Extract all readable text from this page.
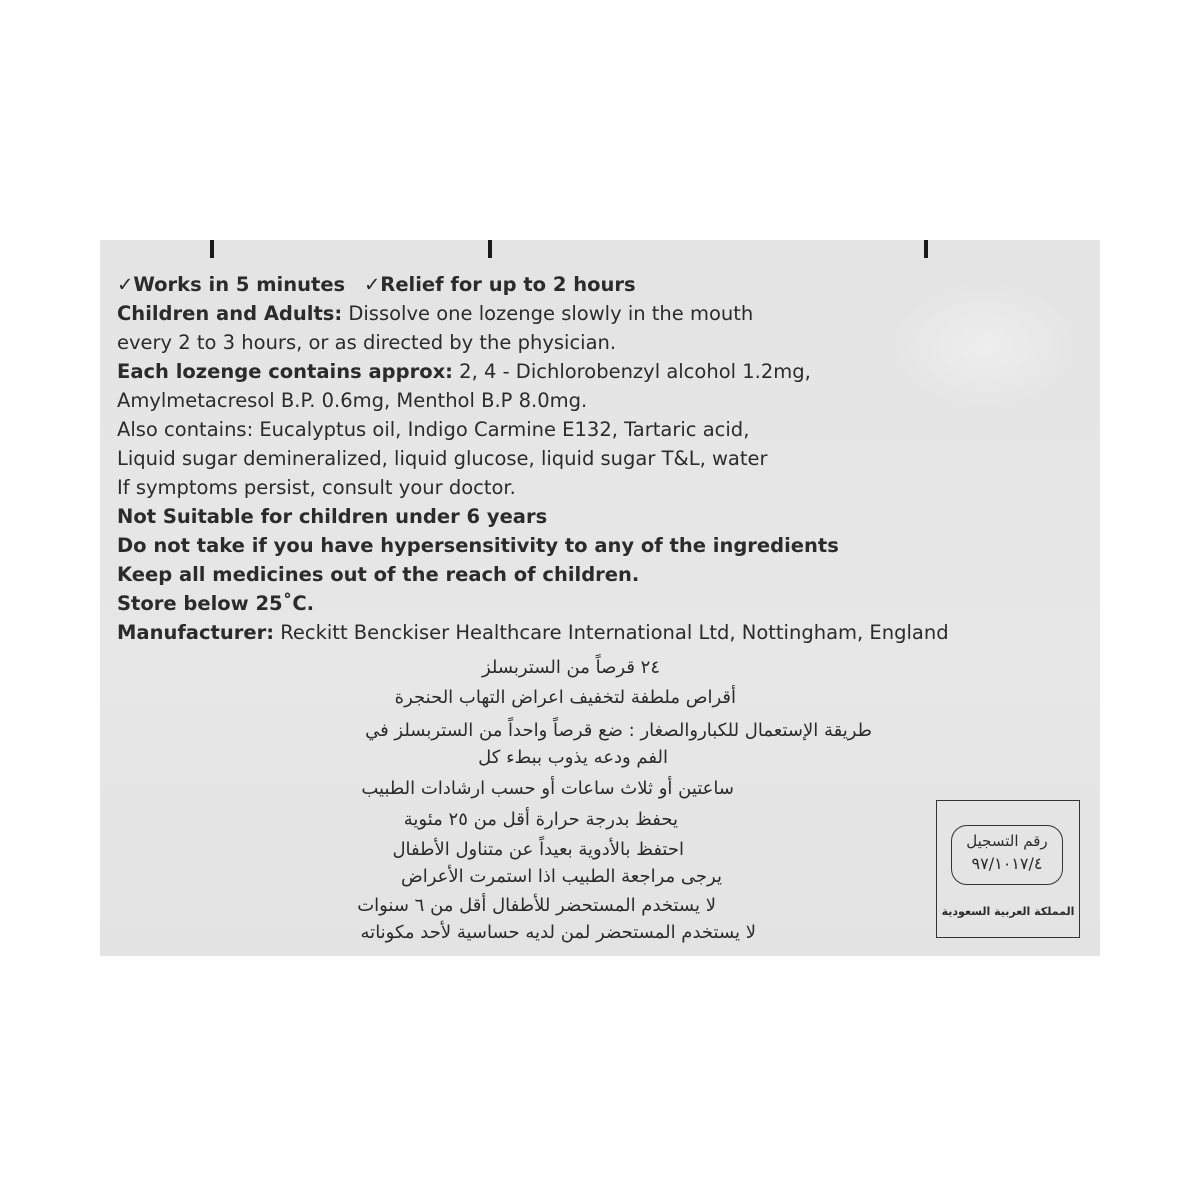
✓Works in 5 minutes ✓Relief for up to 2 hours
Children and Adults: Dissolve one lozenge slowly in the mouth
every 2 to 3 hours, or as directed by the physician.
Each lozenge contains approx: 2, 4 - Dichlorobenzyl alcohol 1.2mg,
Amylmetacresol B.P. 0.6mg, Menthol B.P 8.0mg.
Also contains: Eucalyptus oil, Indigo Carmine E132, Tartaric acid,
Liquid sugar demineralized, liquid glucose, liquid sugar T&L, water
If symptoms persist, consult your doctor.
Not Suitable for children under 6 years
Do not take if you have hypersensitivity to any of the ingredients
Keep all medicines out of the reach of children.
Store below 25˚C.
Manufacturer: Reckitt Benckiser Healthcare International Ltd, Nottingham, England
٢٤ قرصاً من الستربسلز
أقراص ملطفة لتخفيف اعراض التهاب الحنجرة
طريقة الإستعمال للكباروالصغار : ضع قرصاً واحداً من الستربسلز في
الفم ودعه يذوب ببطء كل
ساعتين أو ثلاث ساعات أو حسب ارشادات الطبيب
يحفظ بدرجة حرارة أقل من ٢٥ مئوية
احتفظ بالأدوية بعيداً عن متناول الأطفال
يرجى مراجعة الطبيب اذا استمرت الأعراض
لا يستخدم المستحضر للأطفال أقل من ٦ سنوات
لا يستخدم المستحضر لمن لديه حساسية لأحد مكوناته
رقم التسجيل
٩٧/١٠١٧/٤
المملكة العربية السعودية
